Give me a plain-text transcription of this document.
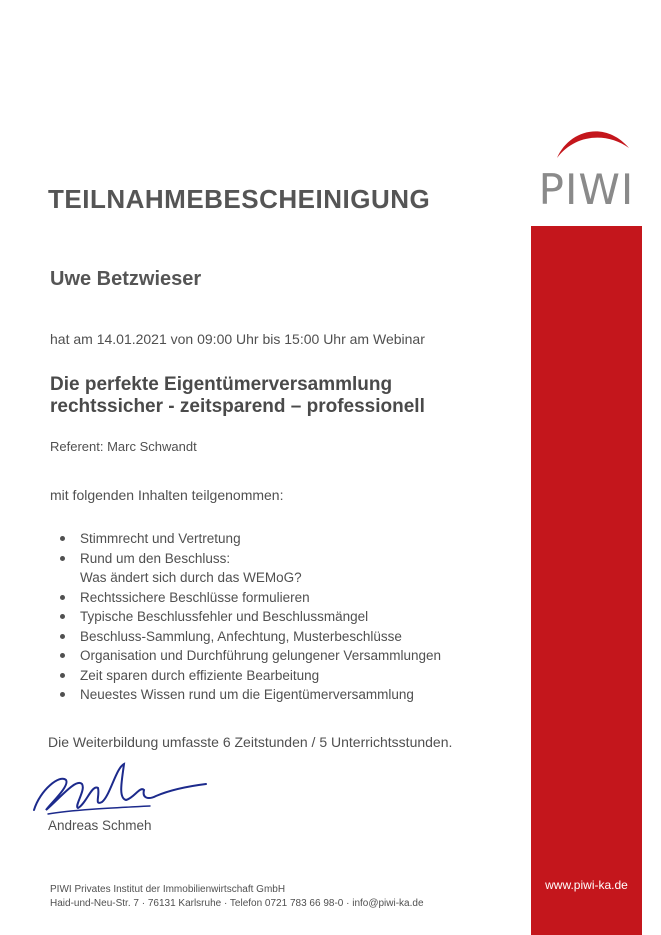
PIWI
www.piwi-ka.de
TEILNAHMEBESCHEINIGUNG
Uwe Betzwieser
hat am 14.01.2021 von 09:00 Uhr bis 15:00 Uhr am Webinar
Die perfekte Eigentümerversammlung
rechtssicher - zeitsparend – professionell
Referent: Marc Schwandt
mit folgenden Inhalten teilgenommen:
Stimmrecht und Vertretung
Rund um den Beschluss:
Was ändert sich durch das WEMoG?
Rechtssichere Beschlüsse formulieren
Typische Beschlussfehler und Beschlussmängel
Beschluss-Sammlung, Anfechtung, Musterbeschlüsse
Organisation und Durchführung gelungener Versammlungen
Zeit sparen durch effiziente Bearbeitung
Neuestes Wissen rund um die Eigentümerversammlung
Die Weiterbildung umfasste 6 Zeitstunden / 5 Unterrichtsstunden.
Andreas Schmeh
PIWI Privates Institut der Immobilienwirtschaft GmbH
Haid-und-Neu-Str. 7 · 76131 Karlsruhe · Telefon 0721 783 66 98-0 · info@piwi-ka.de
